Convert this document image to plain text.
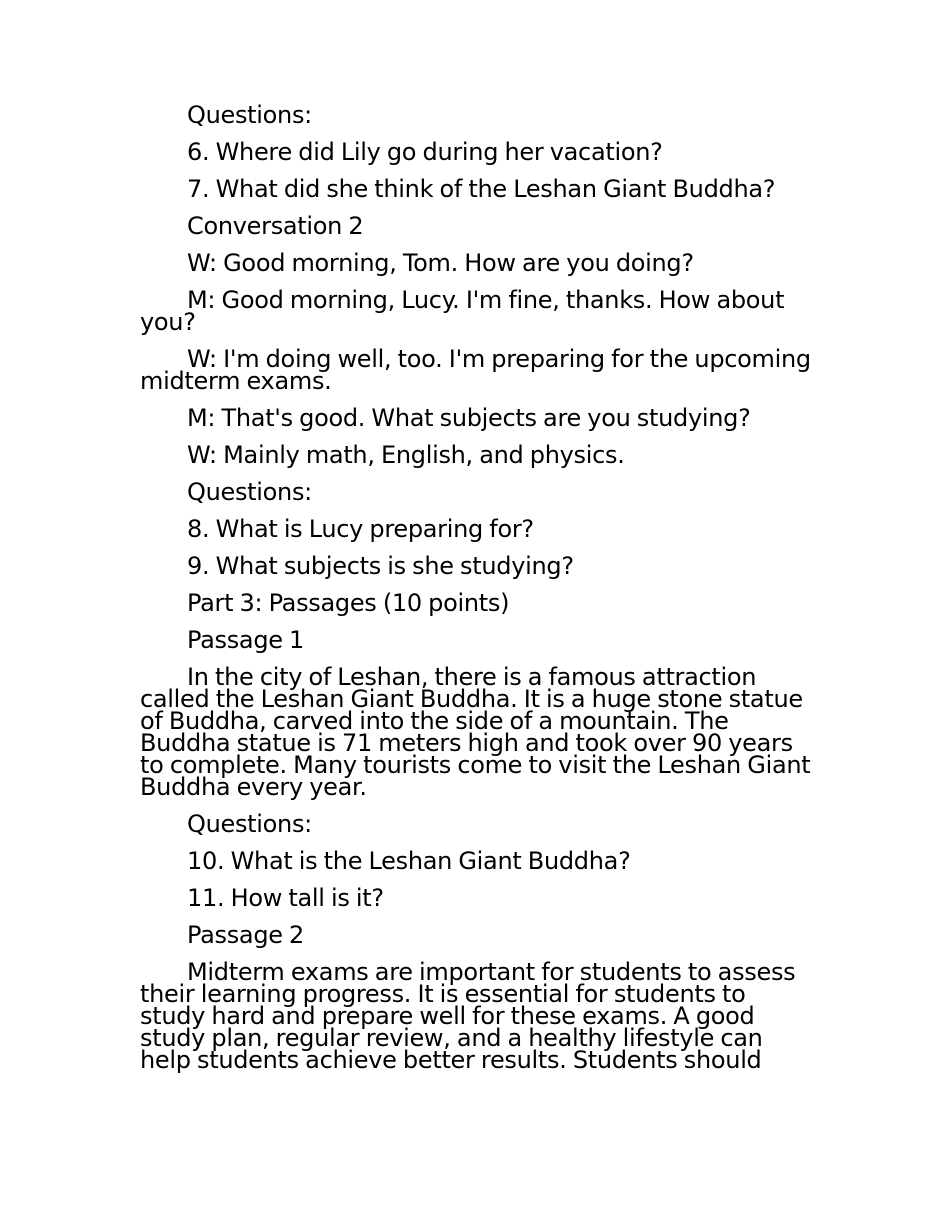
Questions:

6. Where did Lily go during her vacation?

7. What did she think of the Leshan Giant Buddha?

Conversation 2

W: Good morning, Tom. How are you doing?

M: Good morning, Lucy. I'm fine, thanks. How about you?

W: I'm doing well, too. I'm preparing for the upcoming midterm exams.

M: That's good. What subjects are you studying?

W: Mainly math, English, and physics.

Questions:

8. What is Lucy preparing for?

9. What subjects is she studying?

Part 3: Passages (10 points)

Passage 1

In the city of Leshan, there is a famous attraction called the Leshan Giant Buddha. It is a huge stone statue of Buddha, carved into the side of a mountain. The Buddha statue is 71 meters high and took over 90 years to complete. Many tourists come to visit the Leshan Giant Buddha every year.

Questions:

10. What is the Leshan Giant Buddha?

11. How tall is it?

Passage 2

Midterm exams are important for students to assess their learning progress. It is essential for students to study hard and prepare well for these exams. A good study plan, regular review, and a healthy lifestyle can help students achieve better results. Students should
